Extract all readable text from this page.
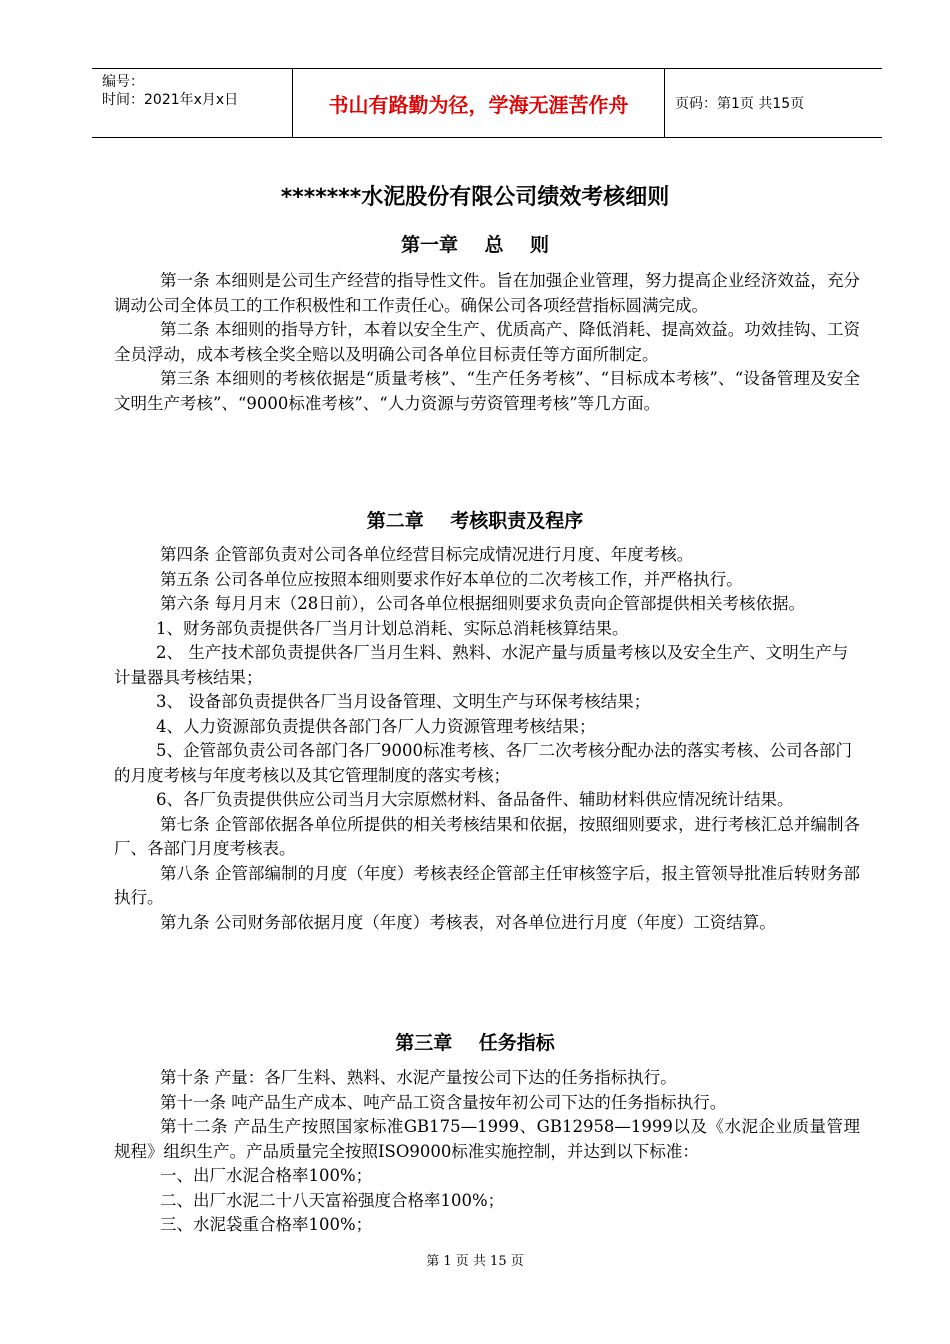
编号：
时间：2021年x月x日	书山有路勤为径，学海无涯苦作舟	页码：第1页 共15页
*******水泥股份有限公司绩效考核细则
第一章    总    则

第一条 本细则是公司生产经营的指导性文件。旨在加强企业管理，努力提高企业经济效益，充分调动公司全体员工的工作积极性和工作责任心。确保公司各项经营指标圆满完成。

第二条 本细则的指导方针，本着以安全生产、优质高产、降低消耗、提高效益。功效挂钩、工资全员浮动，成本考核全奖全赔以及明确公司各单位目标责任等方面所制定。

第三条 本细则的考核依据是“质量考核”、“生产任务考核”、“目标成本考核”、“设备管理及安全文明生产考核”、“9000标准考核”、“人力资源与劳资管理考核”等几方面。

第二章    考核职责及程序

第四条 企管部负责对公司各单位经营目标完成情况进行月度、年度考核。

第五条 公司各单位应按照本细则要求作好本单位的二次考核工作，并严格执行。

第六条 每月月末（28日前），公司各单位根据细则要求负责向企管部提供相关考核依据。

1、财务部负责提供各厂当月计划总消耗、实际总消耗核算结果。

2、 生产技术部负责提供各厂当月生料、熟料、水泥产量与质量考核以及安全生产、文明生产与计量器具考核结果；

3、 设备部负责提供各厂当月设备管理、文明生产与环保考核结果；

4、人力资源部负责提供各部门各厂人力资源管理考核结果；

5、企管部负责公司各部门各厂9000标准考核、各厂二次考核分配办法的落实考核、公司各部门的月度考核与年度考核以及其它管理制度的落实考核；

6、各厂负责提供供应公司当月大宗原燃材料、备品备件、辅助材料供应情况统计结果。

第七条 企管部依据各单位所提供的相关考核结果和依据，按照细则要求，进行考核汇总并编制各厂、各部门月度考核表。

第八条 企管部编制的月度（年度）考核表经企管部主任审核签字后，报主管领导批准后转财务部执行。

第九条 公司财务部依据月度（年度）考核表，对各单位进行月度（年度）工资结算。

第三章    任务指标

第十条 产量：各厂生料、熟料、水泥产量按公司下达的任务指标执行。

第十一条 吨产品生产成本、吨产品工资含量按年初公司下达的任务指标执行。

第十二条 产品生产按照国家标准GB175—1999、GB12958—1999以及《水泥企业质量管理规程》组织生产。产品质量完全按照ISO9000标准实施控制，并达到以下标准：

一、出厂水泥合格率100%；

二、出厂水泥二十八天富裕强度合格率100%；

三、水泥袋重合格率100%；

第 1 页 共 15 页
